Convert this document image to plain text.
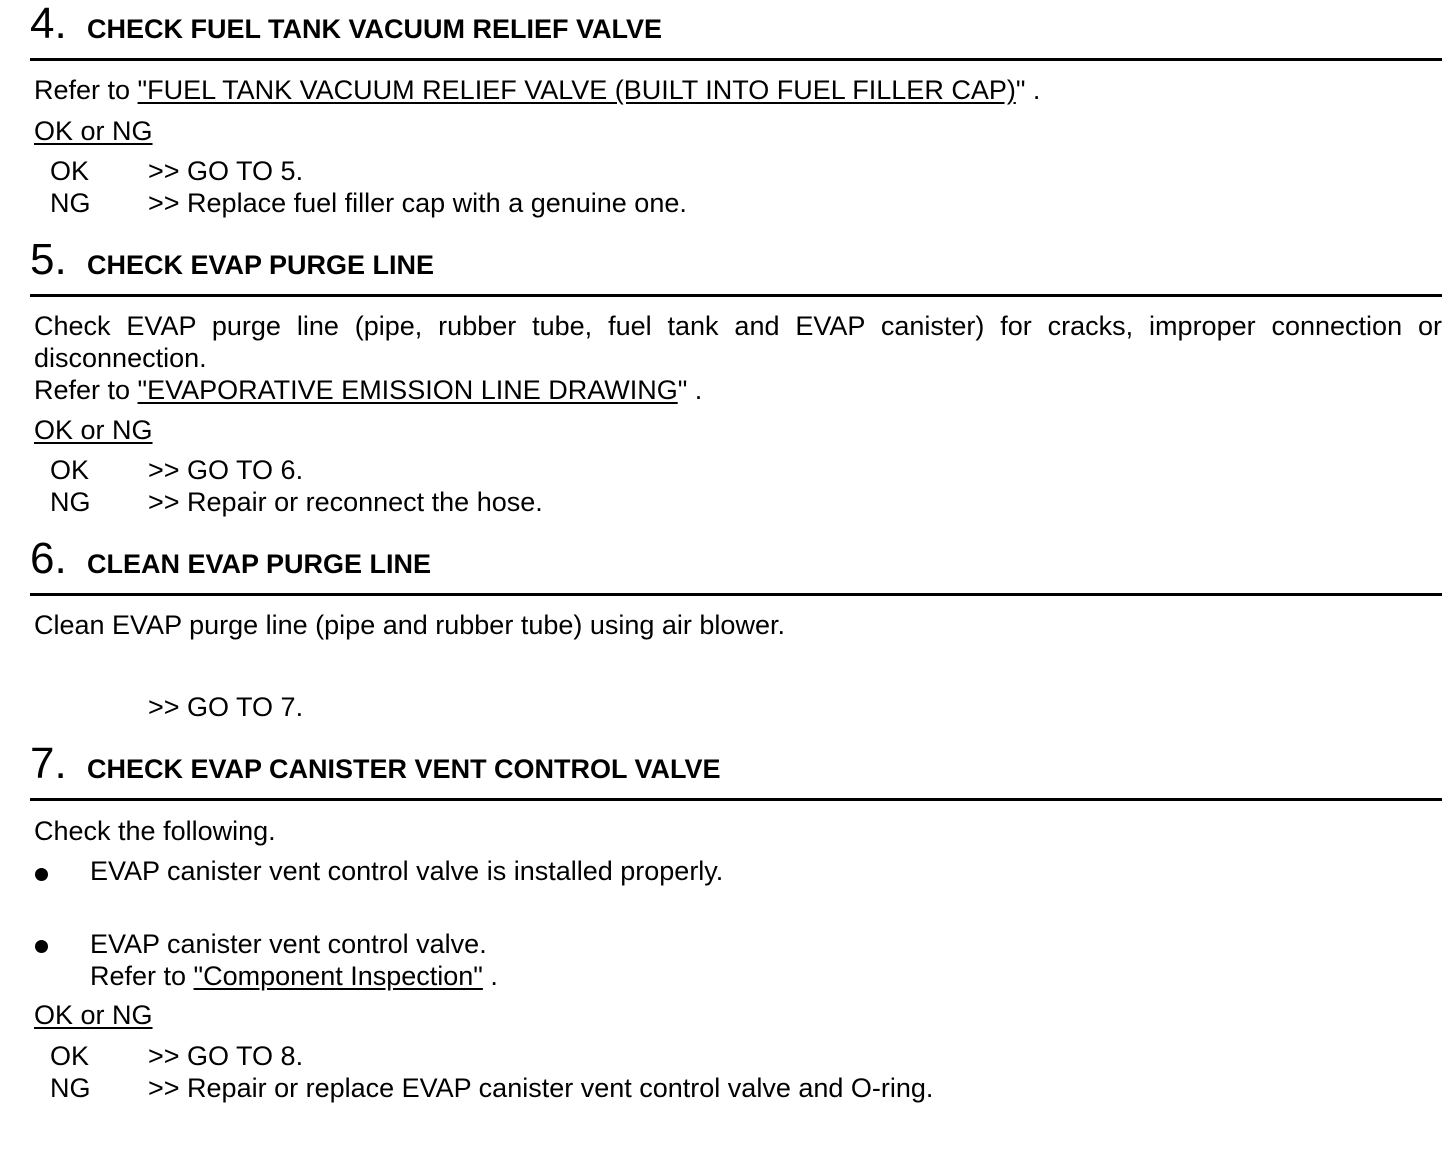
4. CHECK FUEL TANK VACUUM RELIEF VALVE
Refer to "FUEL TANK VACUUM RELIEF VALVE (BUILT INTO FUEL FILLER CAP)" .
OK or NG
OK >> GO TO 5.
NG >> Replace fuel filler cap with a genuine one.
5. CHECK EVAP PURGE LINE
Check EVAP purge line (pipe, rubber tube, fuel tank and EVAP canister) for cracks, improper connection or disconnection.
Refer to "EVAPORATIVE EMISSION LINE DRAWING" .
OK or NG
OK >> GO TO 6.
NG >> Repair or reconnect the hose.
6. CLEAN EVAP PURGE LINE
Clean EVAP purge line (pipe and rubber tube) using air blower.
>> GO TO 7.
7. CHECK EVAP CANISTER VENT CONTROL VALVE
Check the following.
EVAP canister vent control valve is installed properly.
EVAP canister vent control valve.
Refer to "Component Inspection" .
OK or NG
OK >> GO TO 8.
NG >> Repair or replace EVAP canister vent control valve and O-ring.
